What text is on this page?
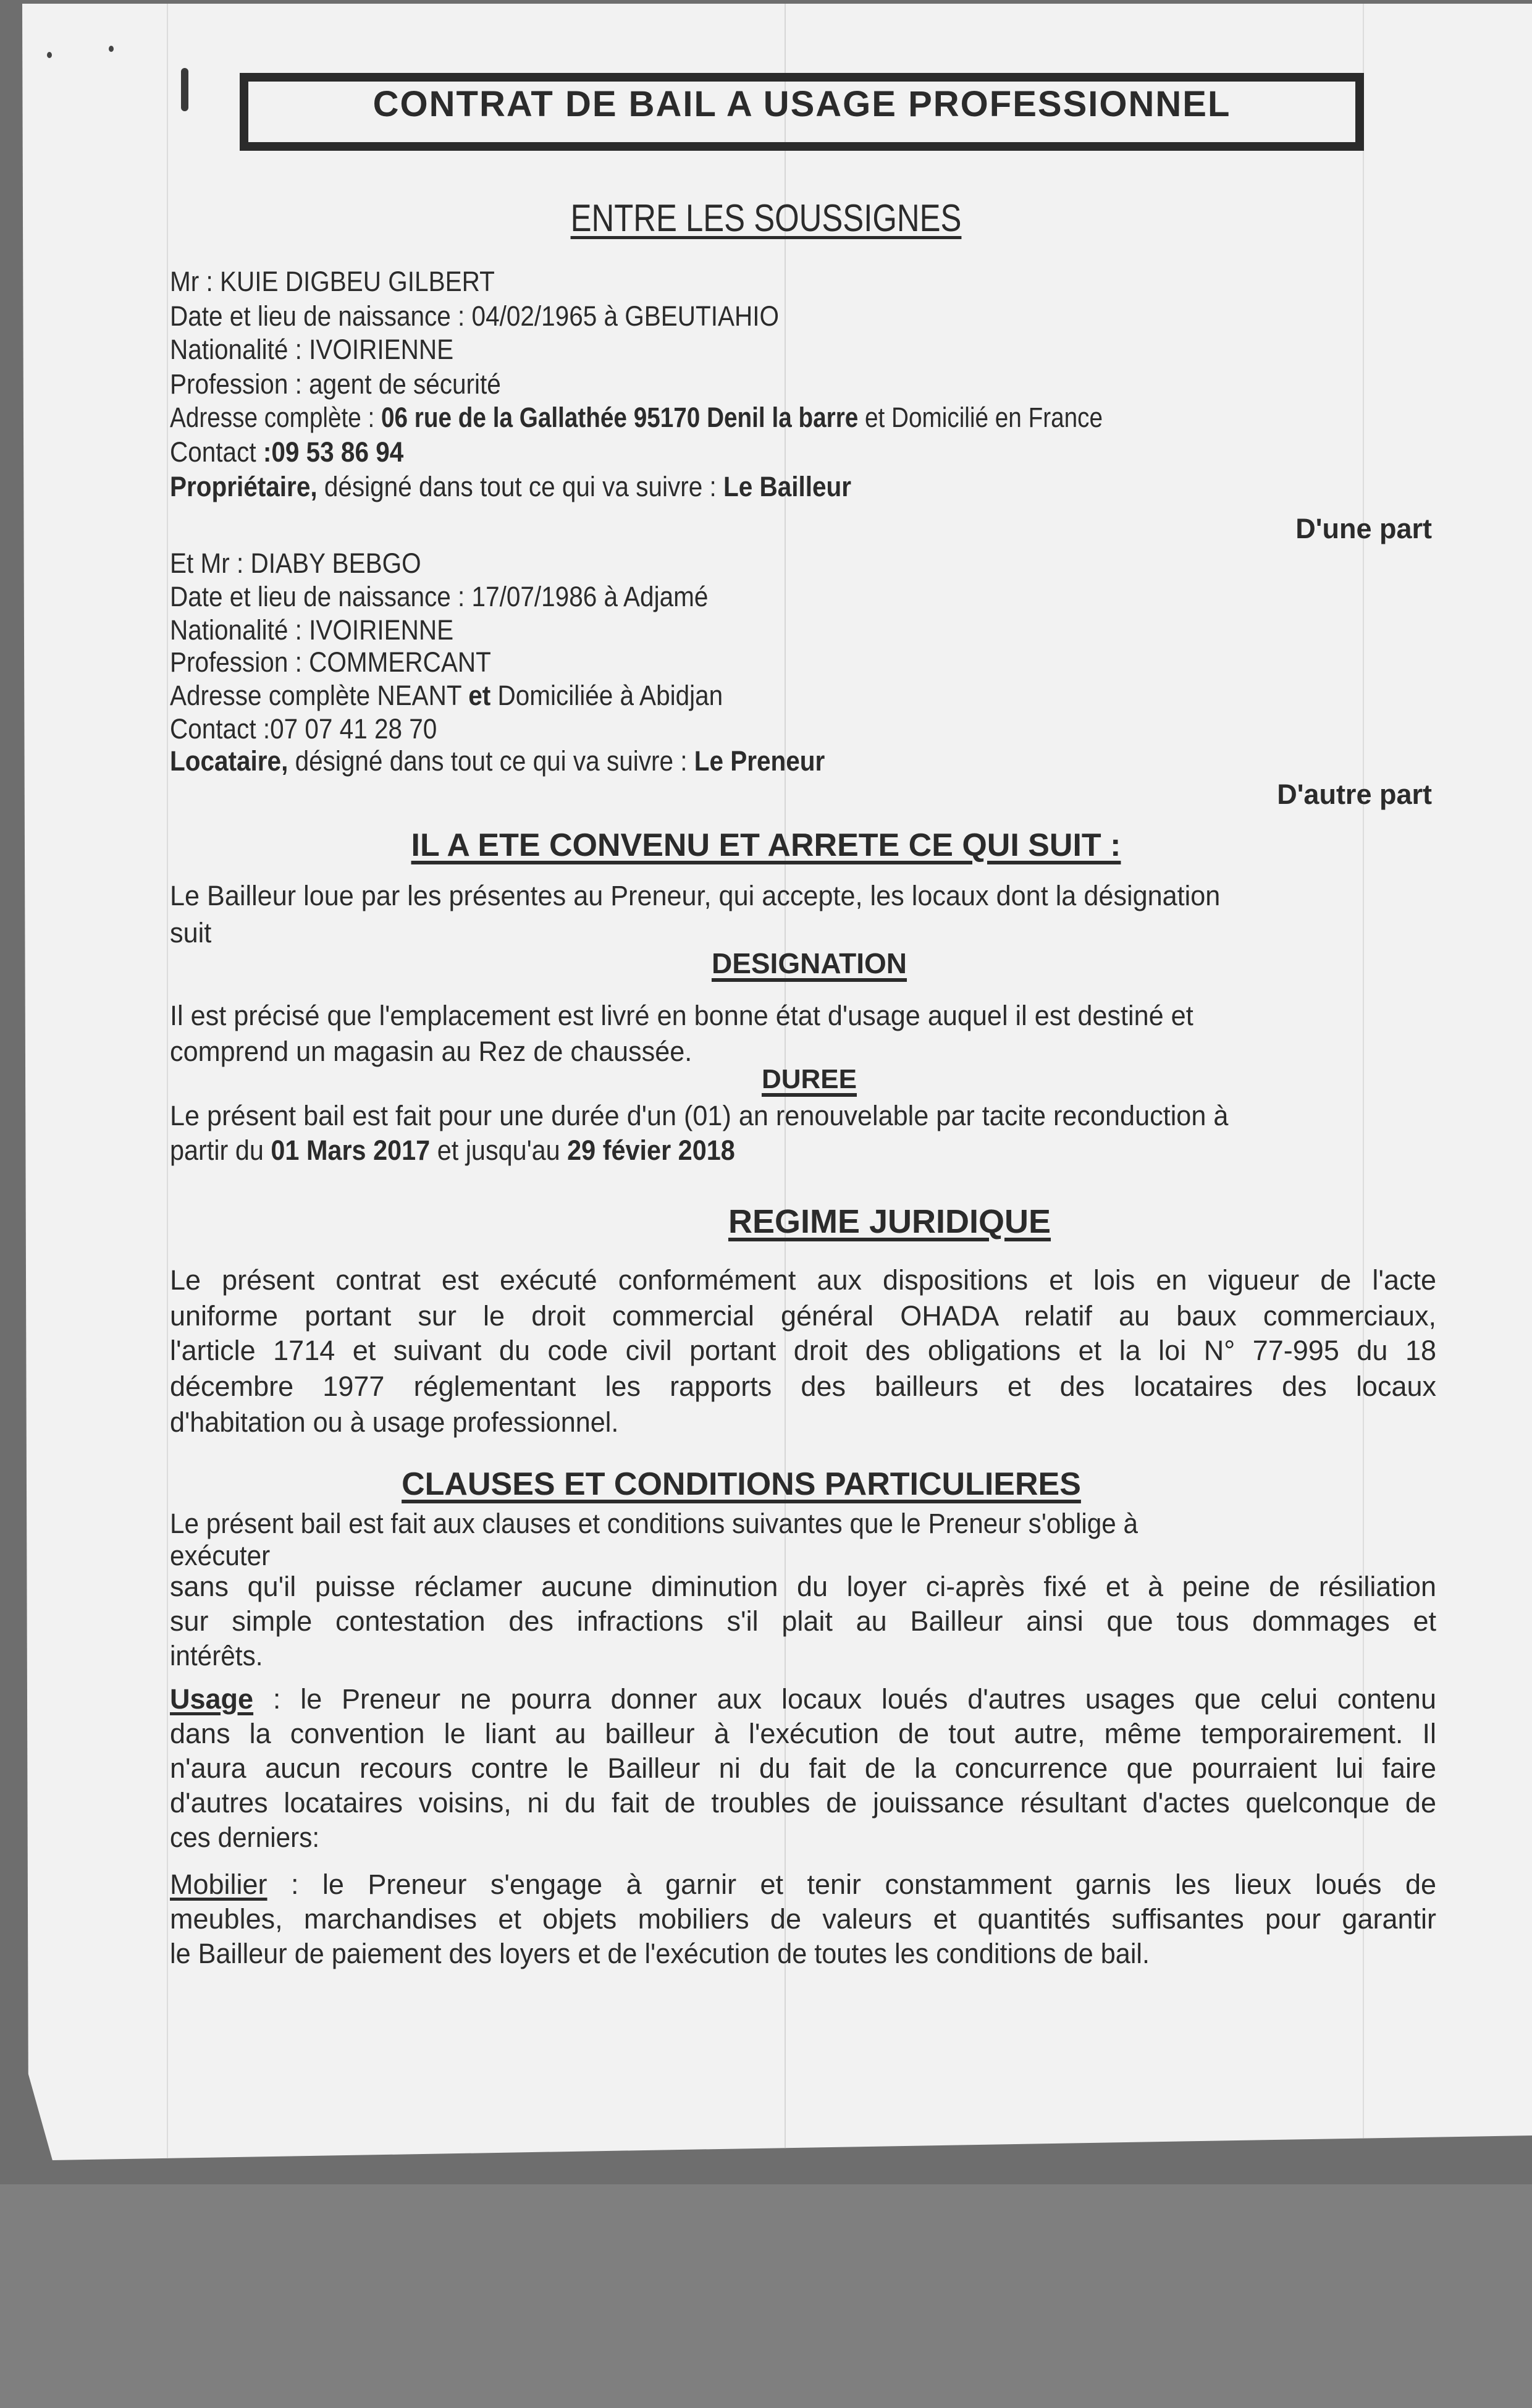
CONTRAT DE BAIL A USAGE PROFESSIONNEL
ENTRE LES SOUSSIGNES
Mr : KUIE DIGBEU GILBERT
Date et lieu de naissance : 04/02/1965 à GBEUTIAHIO
Nationalité : IVOIRIENNE
Profession : agent de sécurité
Adresse complète : 06 rue de la Gallathée 95170 Denil la barre et Domicilié en France
Contact :09 53 86 94
Propriétaire, désigné dans tout ce qui va suivre : Le Bailleur
D'une part
Et Mr : DIABY BEBGO
Date et lieu de naissance : 17/07/1986 à Adjamé
Nationalité : IVOIRIENNE
Profession : COMMERCANT
Adresse complète NEANT et Domiciliée à Abidjan
Contact :07 07 41 28 70
Locataire, désigné dans tout ce qui va suivre : Le Preneur
D'autre part
IL A ETE CONVENU ET ARRETE CE QUI SUIT :
Le Bailleur loue par les présentes au Preneur, qui accepte, les locaux dont la désignation
suit
DESIGNATION
Il est précisé que l'emplacement est livré en bonne état d'usage auquel il est destiné et
comprend un magasin au Rez de chaussée.
DUREE
Le présent bail est fait pour une durée d'un (01) an renouvelable par tacite reconduction à
partir du 01 Mars 2017 et jusqu'au 29 févier 2018
REGIME JURIDIQUE
Le présent contrat est exécuté conformément aux dispositions et lois en vigueur de l'acte
uniforme portant sur le droit commercial général OHADA relatif au baux commerciaux,
l'article 1714 et suivant du code civil portant droit des obligations et la loi N° 77-995 du 18
décembre 1977 réglementant les rapports des bailleurs et des locataires des locaux
d'habitation ou à usage professionnel.
CLAUSES ET CONDITIONS PARTICULIERES
Le présent bail est fait aux clauses et conditions suivantes que le Preneur s'oblige à
exécuter
sans qu'il puisse réclamer aucune diminution du loyer ci-après fixé et à peine de résiliation
sur simple contestation des infractions s'il plait au Bailleur ainsi que tous dommages et
intérêts.
Usage : le Preneur ne pourra donner aux locaux loués d'autres usages que celui contenu
dans la convention le liant au bailleur à l'exécution de tout autre, même temporairement. Il
n'aura aucun recours contre le Bailleur ni du fait de la concurrence que pourraient lui faire
d'autres locataires voisins, ni du fait de troubles de jouissance résultant d'actes quelconque de
ces derniers:
Mobilier : le Preneur s'engage à garnir et tenir constamment garnis les lieux loués de
meubles, marchandises et objets mobiliers de valeurs et quantités suffisantes pour garantir
le Bailleur de paiement des loyers et de l'exécution de toutes les conditions de bail.
